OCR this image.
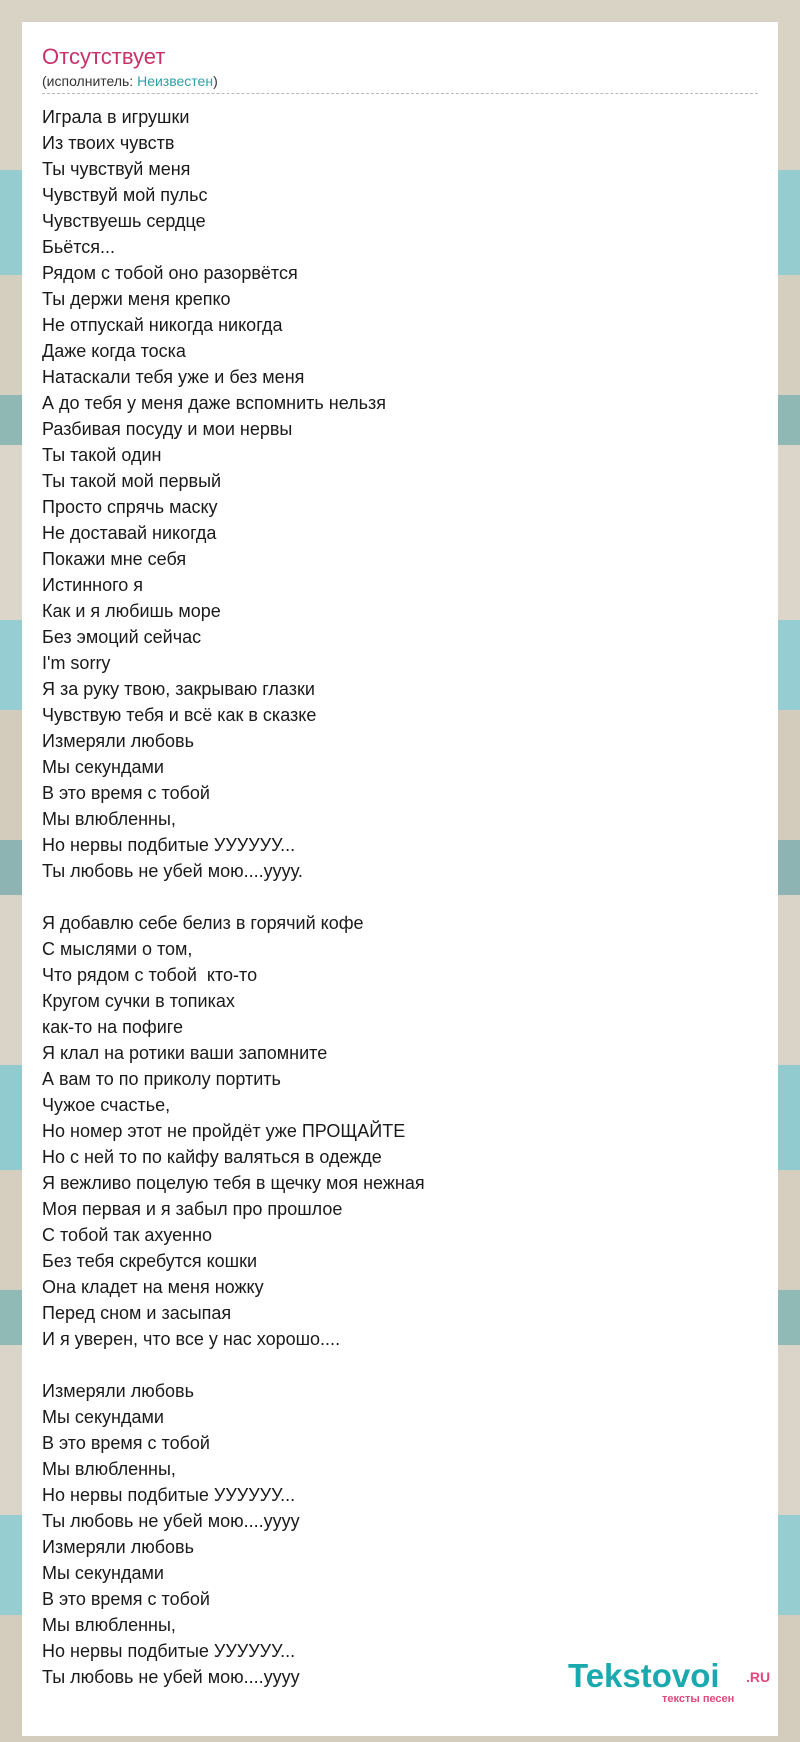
Отсутствует
(исполнитель: Неизвестен)
Играла в игрушки
Из твоих чувств
Ты чувствуй меня
Чувствуй мой пульс
Чувствуешь сердце
Бьётся...
Рядом с тобой оно разорвётся
Ты держи меня крепко
Не отпускай никогда никогда
Даже когда тоска
Натаскали тебя уже и без меня
А до тебя у меня даже вспомнить нельзя
Разбивая посуду и мои нервы
Ты такой один
Ты такой мой первый
Просто спрячь маску
Не доставай никогда
Покажи мне себя
Истинного я
Как и я любишь море
Без эмоций сейчас
I'm sorry
Я за руку твою, закрываю глазки
Чувствую тебя и всё как в сказке
Измеряли любовь
Мы секундами
В это время с тобой
Мы влюбленны,
Но нервы подбитые УУУУУУ...
Ты любовь не убей мою....уууу.
Я добавлю себе белиз в горячий кофе
С мыслями о том,
Что рядом с тобой  кто-то
Кругом сучки в топиках
как-то на пофиге
Я клал на ротики ваши запомните
А вам то по приколу портить
Чужое счастье,
Но номер этот не пройдёт уже ПРОЩАЙТЕ
Но с ней то по кайфу валяться в одежде
Я вежливо поцелую тебя в щечку моя нежная
Моя первая и я забыл про прошлое
С тобой так ахуенно
Без тебя скребутся кошки
Она кладет на меня ножку
Перед сном и засыпая
И я уверен, что все у нас хорошо....
Измеряли любовь
Мы секундами
В это время с тобой
Мы влюбленны,
Но нервы подбитые УУУУУУ...
Ты любовь не убей мою....уууу
Измеряли любовь
Мы секундами
В это время с тобой
Мы влюбленны,
Но нервы подбитые УУУУУУ...
Ты любовь не убей мою....уууу	Tekstovoi .RU
тексты песен
